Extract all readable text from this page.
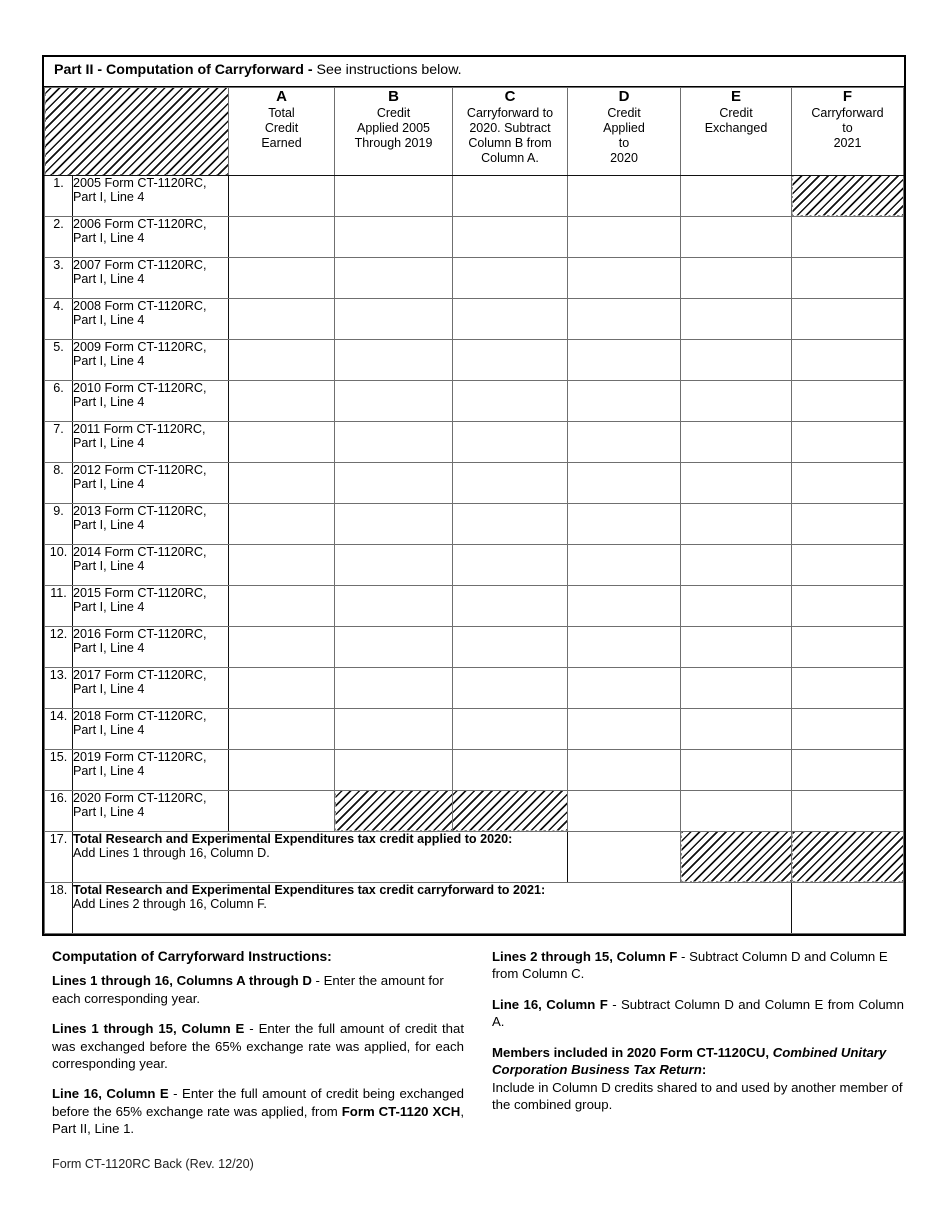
Part II - Computation of Carryforward - See instructions below.

		A
Total
Credit
Earned	B
Credit
Applied 2005
Through 2019	C
Carryforward to
2020. Subtract
Column B from
Column A.	D
Credit
Applied
to
2020	E
Credit
Exchanged	F
Carryforward
to
2021

1.	2005 Form CT-1120RC,
Part I, Line 4						
2.	2006 Form CT-1120RC,
Part I, Line 4						
3.	2007 Form CT-1120RC,
Part I, Line 4						
4.	2008 Form CT-1120RC,
Part I, Line 4						
5.	2009 Form CT-1120RC,
Part I, Line 4						
6.	2010 Form CT-1120RC,
Part I, Line 4						
7.	2011 Form CT-1120RC,
Part I, Line 4						
8.	2012 Form CT-1120RC,
Part I, Line 4						
9.	2013 Form CT-1120RC,
Part I, Line 4						
10.	2014 Form CT-1120RC,
Part I, Line 4						
11.	2015 Form CT-1120RC,
Part I, Line 4						
12.	2016 Form CT-1120RC,
Part I, Line 4						
13.	2017 Form CT-1120RC,
Part I, Line 4						
14.	2018 Form CT-1120RC,
Part I, Line 4						
15.	2019 Form CT-1120RC,
Part I, Line 4						
16.	2020 Form CT-1120RC,
Part I, Line 4						
17.	Total Research and Experimental Expenditures tax credit applied to 2020:
Add Lines 1 through 16, Column D.						

18.	Total Research and Experimental Expenditures tax credit carryforward to 2021:
Add Lines 2 through 16, Column F.						

Computation of Carryforward Instructions:

Lines 1 through 16, Columns A through D - Enter the amount for each corresponding year.

Lines 1 through 15, Column E - Enter the full amount of credit that was exchanged before the 65% exchange rate was applied, for each corresponding year.

Line 16, Column E - Enter the full amount of credit being exchanged before the 65% exchange rate was applied, from Form CT-1120 XCH, Part II, Line 1.

Lines 2 through 15, Column F - Subtract Column D and Column E from Column C.

Line 16, Column F - Subtract Column D and Column E from Column A.

Members included in 2020 Form CT-1120CU, Combined Unitary Corporation Business Tax Return:
Include in Column D credits shared to and used by another member of the combined group.

Form CT-1120RC Back (Rev. 12/20)
